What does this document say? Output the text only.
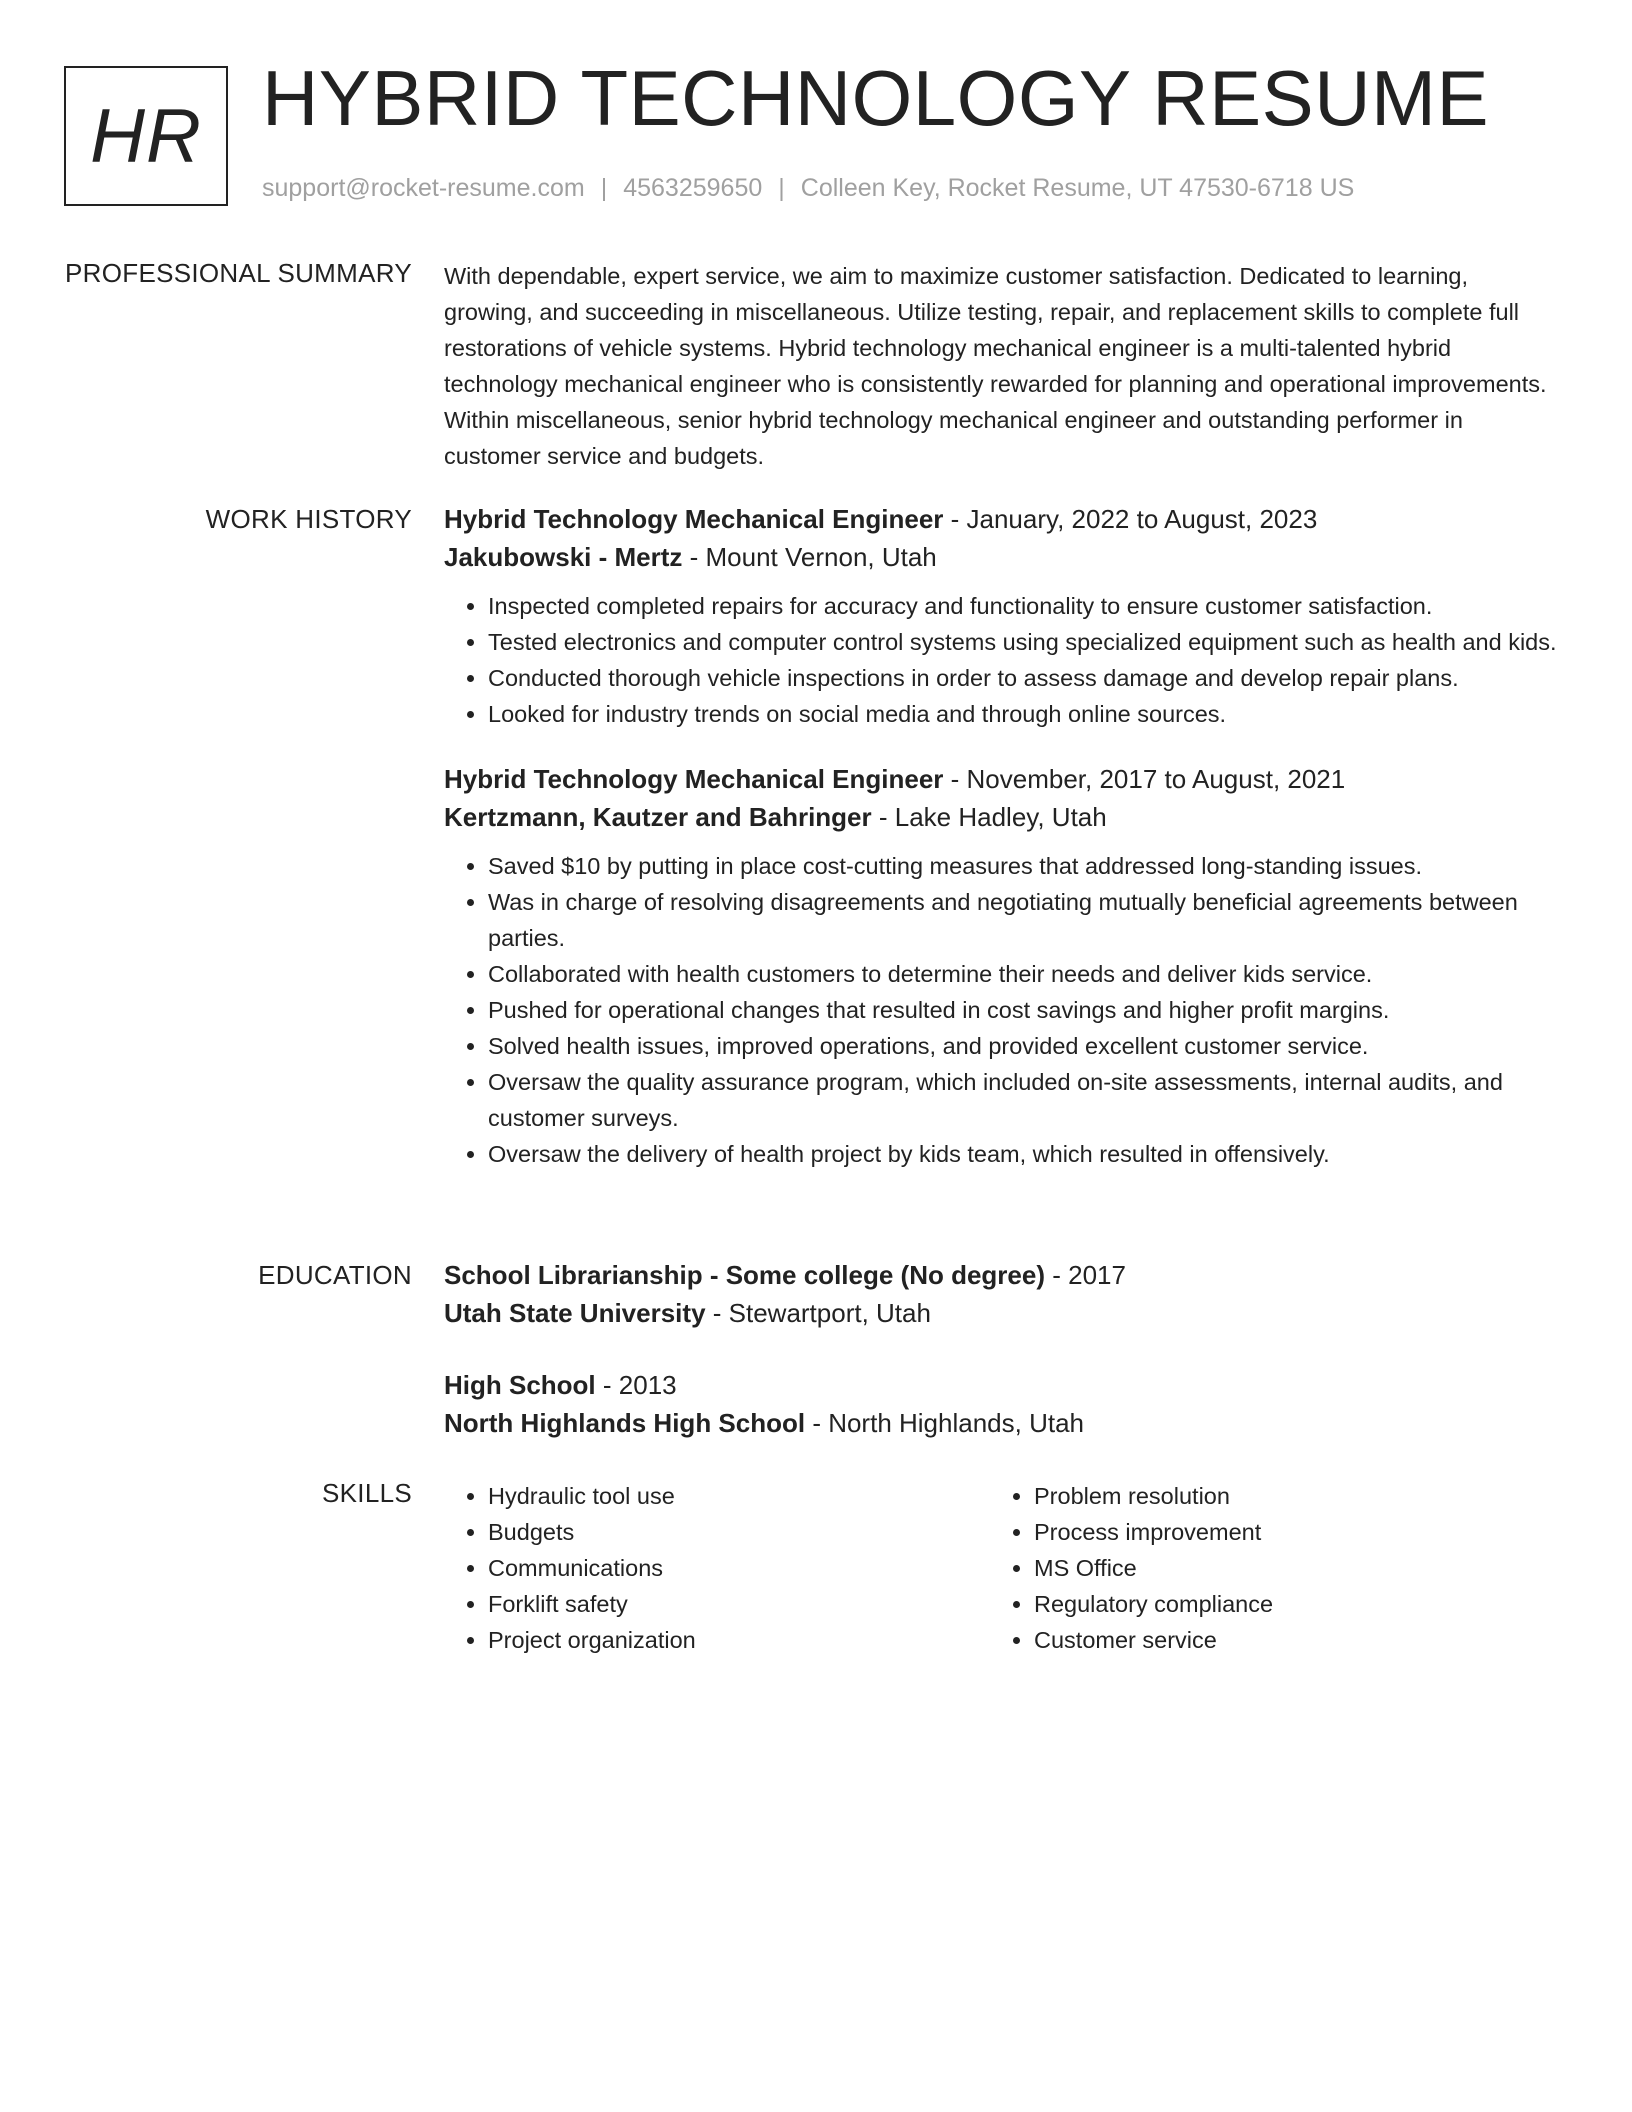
HR HYBRID TECHNOLOGY RESUME
support@rocket-resume.com | 4563259650 | Colleen Key, Rocket Resume, UT 47530-6718 US
PROFESSIONAL SUMMARY With dependable, expert service, we aim to maximize customer satisfaction. Dedicated to learning, growing, and succeeding in miscellaneous. Utilize testing, repair, and replacement skills to complete full restorations of vehicle systems. Hybrid technology mechanical engineer is a multi-talented hybrid technology mechanical engineer who is consistently rewarded for planning and operational improvements. Within miscellaneous, senior hybrid technology mechanical engineer and outstanding performer in customer service and budgets.

WORK HISTORY Hybrid Technology Mechanical Engineer - January, 2022 to August, 2023
Jakubowski - Mertz - Mount Vernon, Utah
• Inspected completed repairs for accuracy and functionality to ensure customer satisfaction.
• Tested electronics and computer control systems using specialized equipment such as health and kids.
• Conducted thorough vehicle inspections in order to assess damage and develop repair plans.
• Looked for industry trends on social media and through online sources.
Hybrid Technology Mechanical Engineer - November, 2017 to August, 2021
Kertzmann, Kautzer and Bahringer - Lake Hadley, Utah
• Saved $10 by putting in place cost-cutting measures that addressed long-standing issues.
• Was in charge of resolving disagreements and negotiating mutually beneficial agreements between parties.
• Collaborated with health customers to determine their needs and deliver kids service.
• Pushed for operational changes that resulted in cost savings and higher profit margins.
• Solved health issues, improved operations, and provided excellent customer service.
• Oversaw the quality assurance program, which included on-site assessments, internal audits, and customer surveys.
• Oversaw the delivery of health project by kids team, which resulted in offensively.
EDUCATION School Librarianship - Some college (No degree) - 2017
Utah State University - Stewartport, Utah
High School - 2013
North Highlands High School - North Highlands, Utah
SKILLS
•	Hydraulic tool use
• Budgets
• Communications
• Forklift safety
• Project organization
• Problem resolution
• Process improvement
• MS Office
• Regulatory compliance
• Customer service
